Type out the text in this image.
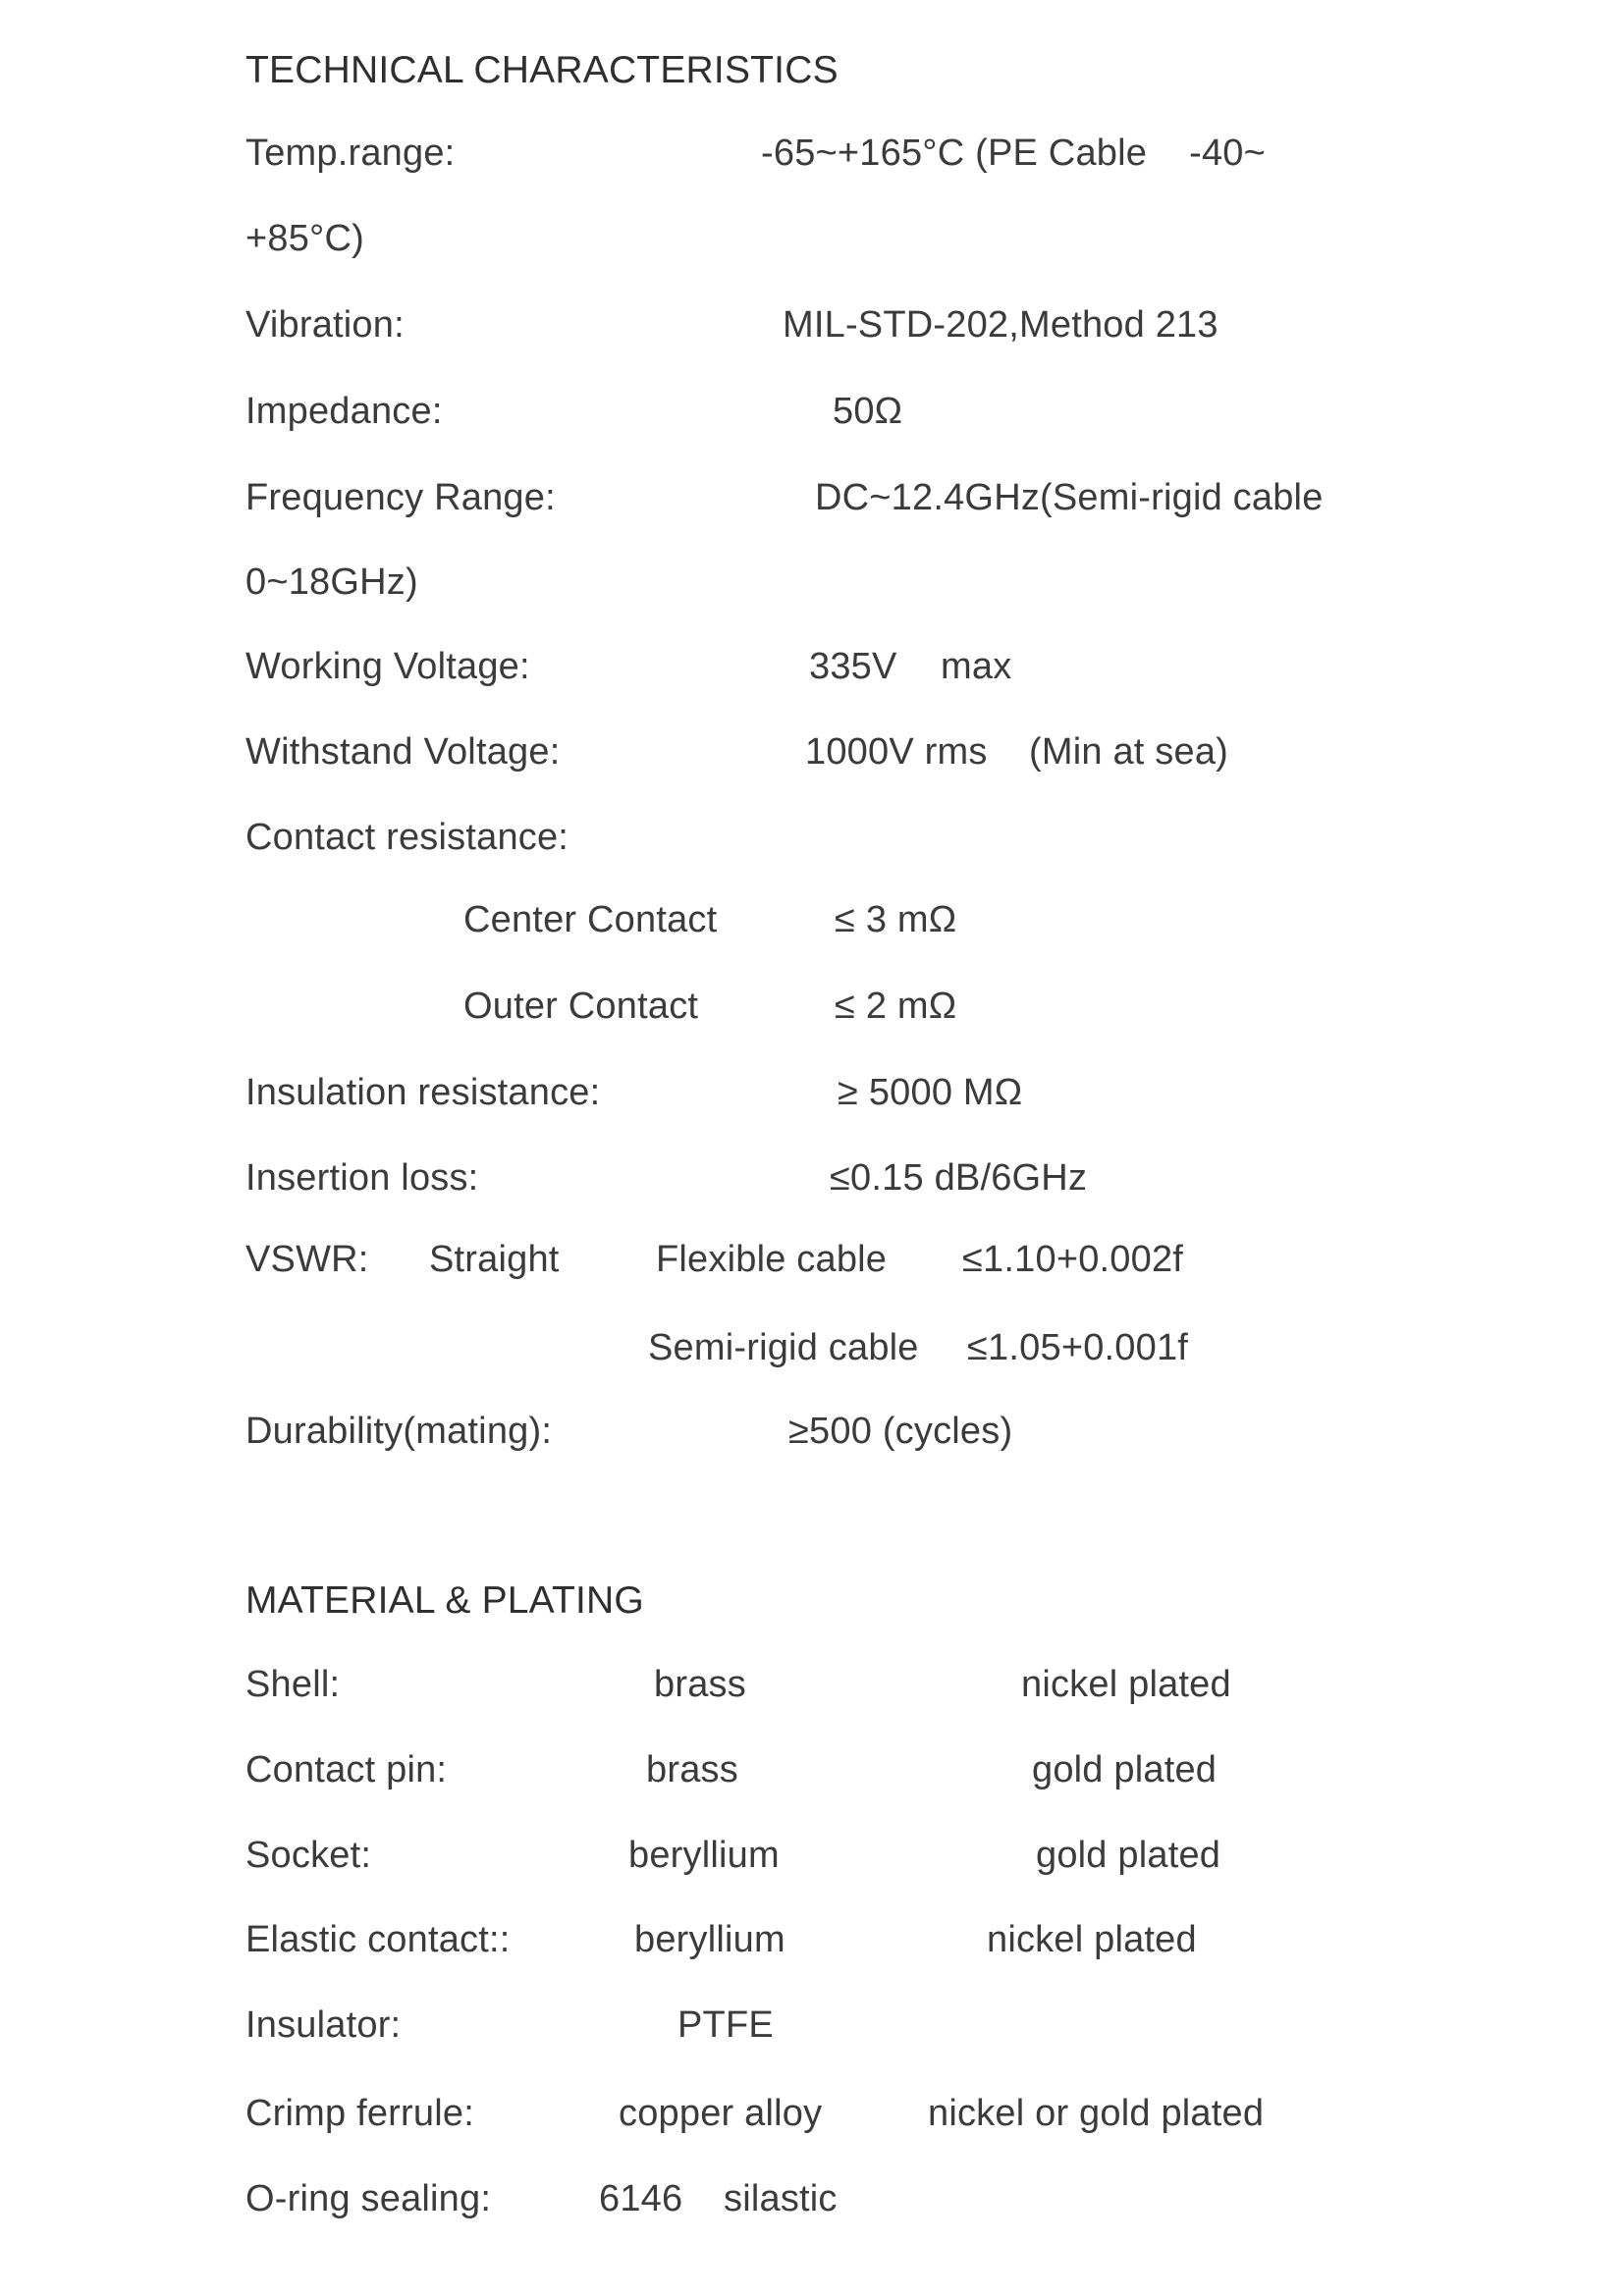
TECHNICAL CHARACTERISTICS
Temp.range:	-65~+165°C (PE Cable    -40~
+85°C)
Vibration:	MIL-STD-202,Method 213
Impedance:	50Ω
Frequency Range:	DC~12.4GHz(Semi-rigid cable
0~18GHz)
Working Voltage:	335V max
Withstand Voltage:	1000V rms (Min at sea)
Contact resistance:
Center Contact	≤ 3 mΩ
Outer Contact	≤ 2 mΩ
Insulation resistance:	≥ 5000 MΩ
Insertion loss:	≤0.15 dB/6GHz
VSWR: Straight	Flexible cable ≤1.10+0.002f
Semi-rigid cable ≤1.05+0.001f
Durability(mating):	≥500 (cycles)
MATERIAL & PLATING
Shell:	brass	nickel plated
Contact pin:	brass	gold plated
Socket:	beryllium	gold plated
Elastic contact::	beryllium	nickel plated
Insulator:	PTFE
Crimp ferrule:	copper alloy	nickel or gold plated
O-ring sealing:	6146 silastic
